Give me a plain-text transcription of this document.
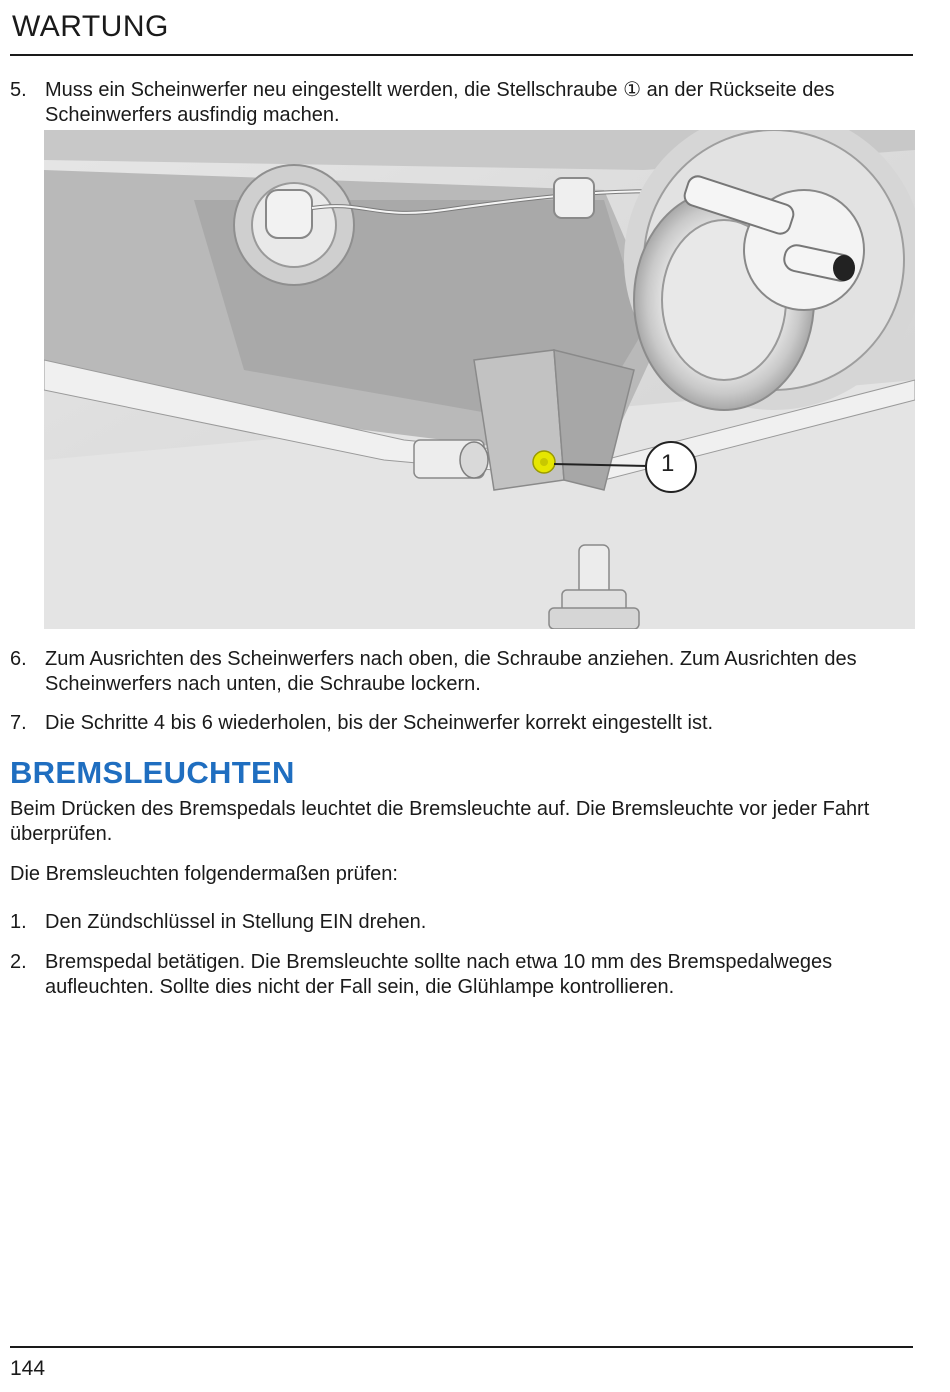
WARTUNG
5. Muss ein Scheinwerfer neu eingestellt werden, die Stellschraube ① an der Rückseite des Scheinwerfers ausfindig machen.
1
6. Zum Ausrichten des Scheinwerfers nach oben, die Schraube anziehen. Zum Ausrichten des Scheinwerfers nach unten, die Schraube lockern.
7. Die Schritte 4 bis 6 wiederholen, bis der Scheinwerfer korrekt eingestellt ist.
BREMSLEUCHTEN

Beim Drücken des Bremspedals leuchtet die Bremsleuchte auf. Die Bremsleuchte vor jeder Fahrt überprüfen.

Die Bremsleuchten folgendermaßen prüfen:

1. Den Zündschlüssel in Stellung EIN drehen.
2. Bremspedal betätigen. Die Bremsleuchte sollte nach etwa 10 mm des Bremspedalweges aufleuchten. Sollte dies nicht der Fall sein, die Glühlampe kontrollieren.
144
